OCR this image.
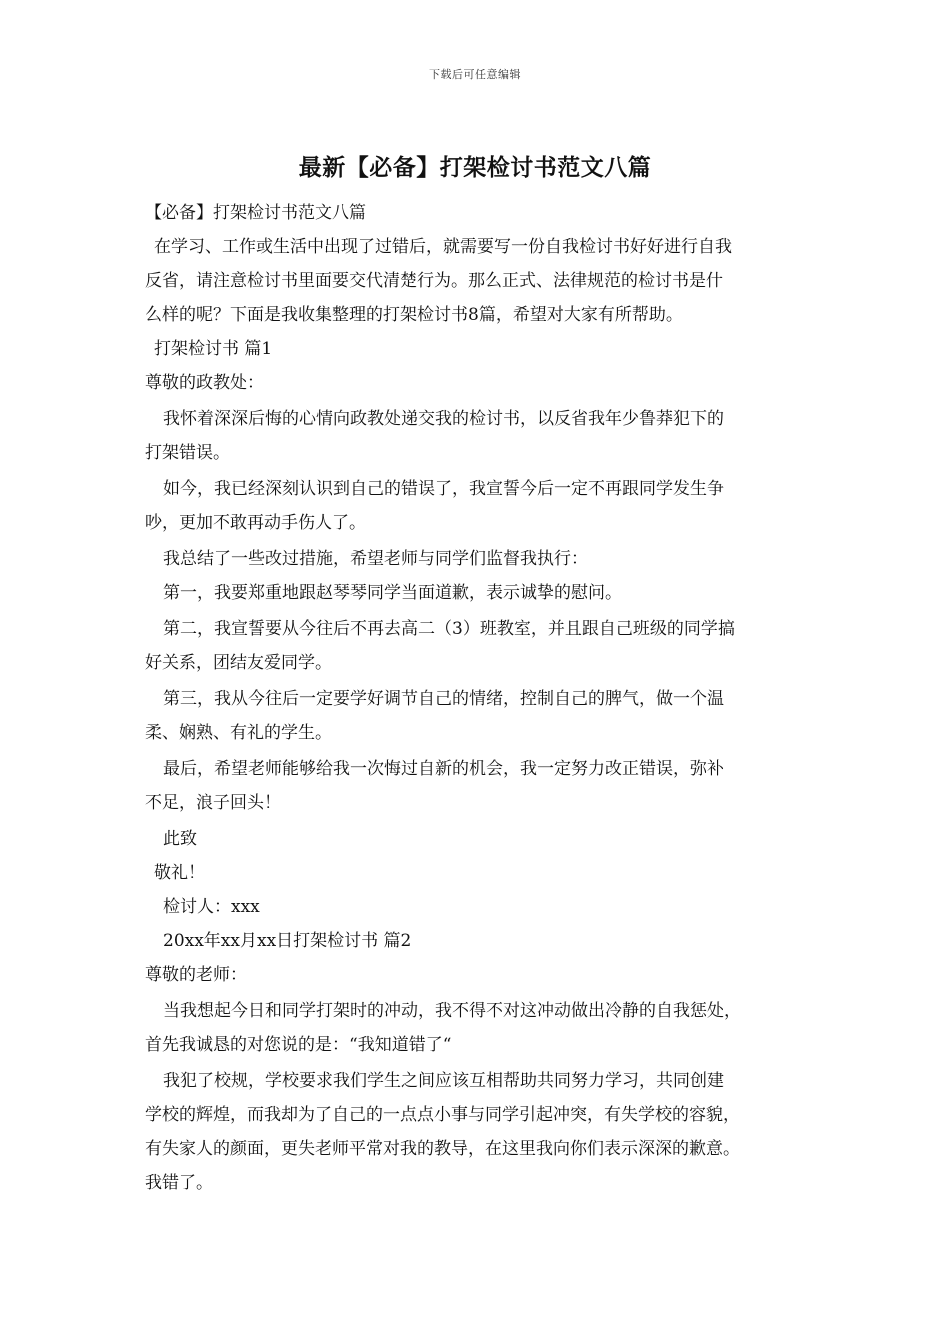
下载后可任意编辑
最新【必备】打架检讨书范文八篇
【必备】打架检讨书范文八篇
在学习、工作或生活中出现了过错后，就需要写一份自我检讨书好好进行自我
反省，请注意检讨书里面要交代清楚行为。那么正式、法律规范的检讨书是什
么样的呢？下面是我收集整理的打架检讨书8篇，希望对大家有所帮助。
打架检讨书 篇1
尊敬的政教处：
我怀着深深后悔的心情向政教处递交我的检讨书，以反省我年少鲁莽犯下的
打架错误。
如今，我已经深刻认识到自己的错误了，我宣誓今后一定不再跟同学发生争
吵，更加不敢再动手伤人了。
我总结了一些改过措施，希望老师与同学们监督我执行：
第一，我要郑重地跟赵琴琴同学当面道歉，表示诚挚的慰问。
第二，我宣誓要从今往后不再去高二（3）班教室，并且跟自己班级的同学搞
好关系，团结友爱同学。
第三，我从今往后一定要学好调节自己的情绪，控制自己的脾气，做一个温
柔、娴熟、有礼的学生。
最后，希望老师能够给我一次悔过自新的机会，我一定努力改正错误，弥补
不足，浪子回头！
此致
敬礼！
检讨人：xxx
20xx年xx月xx日打架检讨书 篇2
尊敬的老师：
当我想起今日和同学打架时的冲动，我不得不对这冲动做出冷静的自我惩处，
首先我诚恳的对您说的是：“我知道错了“
我犯了校规，学校要求我们学生之间应该互相帮助共同努力学习，共同创建
学校的辉煌，而我却为了自己的一点点小事与同学引起冲突，有失学校的容貌，
有失家人的颜面，更失老师平常对我的教导，在这里我向你们表示深深的歉意。
我错了。
